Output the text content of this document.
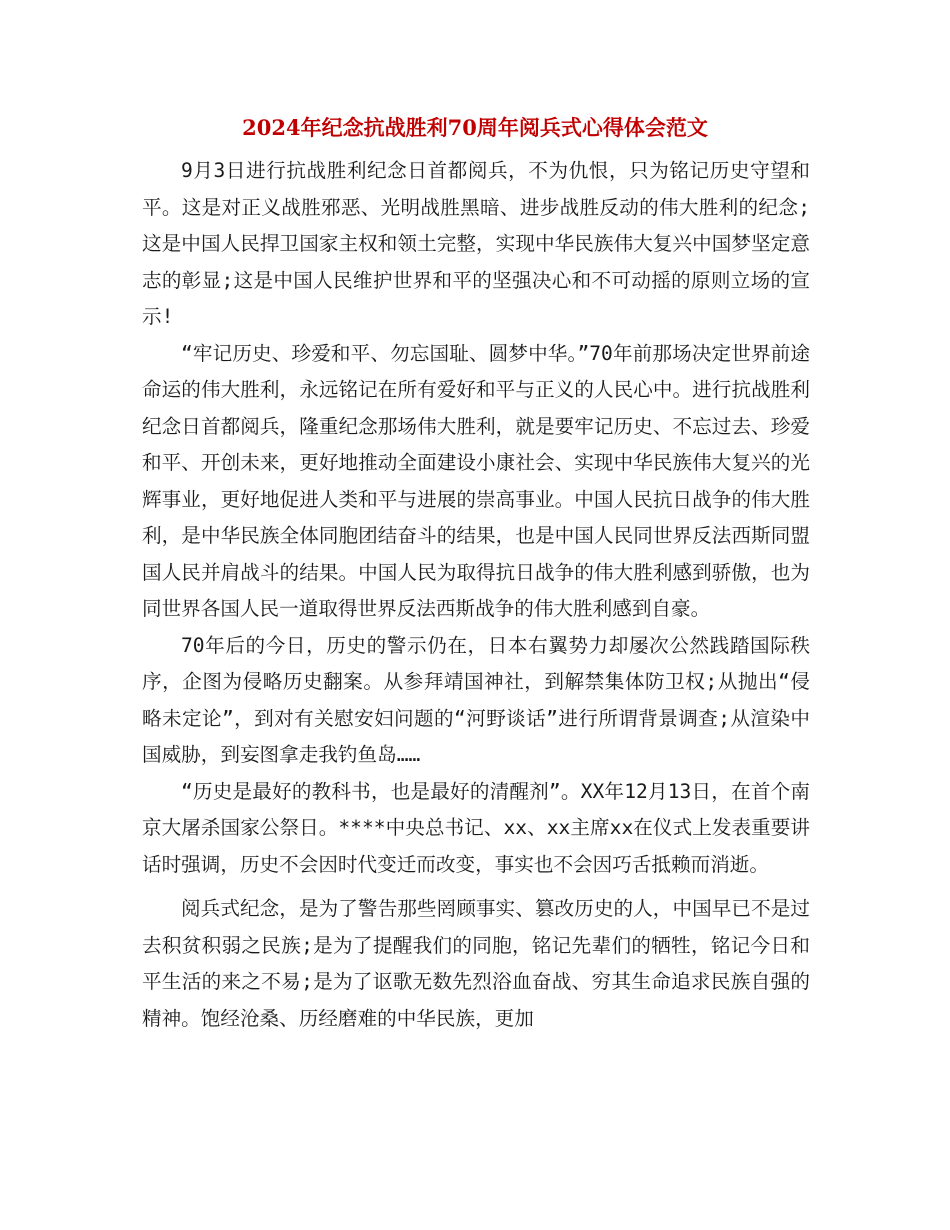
2024年纪念抗战胜利70周年阅兵式心得体会范文

9月3日进行抗战胜利纪念日首都阅兵，不为仇恨，只为铭记历史守望和平。这是对正义战胜邪恶、光明战胜黑暗、进步战胜反动的伟大胜利的纪念;这是中国人民捍卫国家主权和领土完整，实现中华民族伟大复兴中国梦坚定意志的彰显;这是中国人民维护世界和平的坚强决心和不可动摇的原则立场的宣示!

“牢记历史、珍爱和平、勿忘国耻、圆梦中华。”70年前那场决定世界前途命运的伟大胜利，永远铭记在所有爱好和平与正义的人民心中。进行抗战胜利纪念日首都阅兵，隆重纪念那场伟大胜利，就是要牢记历史、不忘过去、珍爱和平、开创未来，更好地推动全面建设小康社会、实现中华民族伟大复兴的光辉事业，更好地促进人类和平与进展的崇高事业。中国人民抗日战争的伟大胜利，是中华民族全体同胞团结奋斗的结果，也是中国人民同世界反法西斯同盟国人民并肩战斗的结果。中国人民为取得抗日战争的伟大胜利感到骄傲，也为同世界各国人民一道取得世界反法西斯战争的伟大胜利感到自豪。

70年后的今日，历史的警示仍在，日本右翼势力却屡次公然践踏国际秩序，企图为侵略历史翻案。从参拜靖国神社，到解禁集体防卫权;从抛出“侵略未定论”，到对有关慰安妇问题的“河野谈话”进行所谓背景调查;从渲染中国威胁，到妄图拿走我钓鱼岛……

“历史是最好的教科书，也是最好的清醒剂”。XX年12月13日，在首个南京大屠杀国家公祭日。****中央总书记、xx、xx主席xx在仪式上发表重要讲话时强调，历史不会因时代变迁而改变，事实也不会因巧舌抵赖而消逝。

阅兵式纪念，是为了警告那些罔顾事实、篡改历史的人，中国早已不是过去积贫积弱之民族;是为了提醒我们的同胞，铭记先辈们的牺牲，铭记今日和平生活的来之不易;是为了讴歌无数先烈浴血奋战、穷其生命追求民族自强的精神。饱经沧桑、历经磨难的中华民族，更加
